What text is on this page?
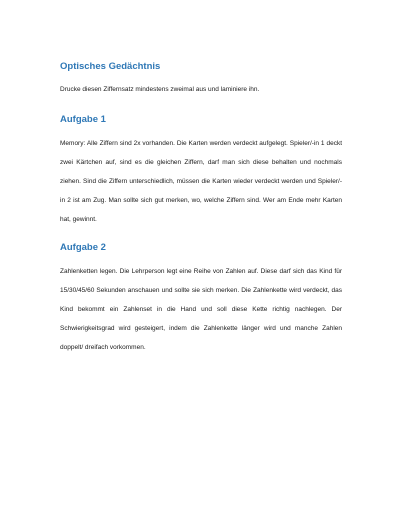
Optisches Gedächtnis

Drucke diesen Ziffernsatz mindestens zweimal aus und laminiere ihn.

Aufgabe 1

Memory: Alle Ziffern sind 2x vorhanden. Die Karten werden verdeckt aufgelegt. Spieler/-in 1 deckt zwei Kärtchen auf, sind es die gleichen Ziffern, darf man sich diese behalten und nochmals ziehen. Sind die Ziffern unterschiedlich, müssen die Karten wieder verdeckt werden und Spieler/-in 2 ist am Zug. Man sollte sich gut merken, wo, welche Ziffern sind. Wer am Ende mehr Karten hat, gewinnt.

Aufgabe 2

Zahlenketten legen. Die Lehrperson legt eine Reihe von Zahlen auf. Diese darf sich das Kind für 15/30/45/60 Sekunden anschauen und sollte sie sich merken. Die Zahlenkette wird verdeckt, das Kind bekommt ein Zahlenset in die Hand und soll diese Kette richtig nachlegen. Der Schwierigkeitsgrad wird gesteigert, indem die Zahlenkette länger wird und manche Zahlen doppelt/ dreifach vorkommen.
